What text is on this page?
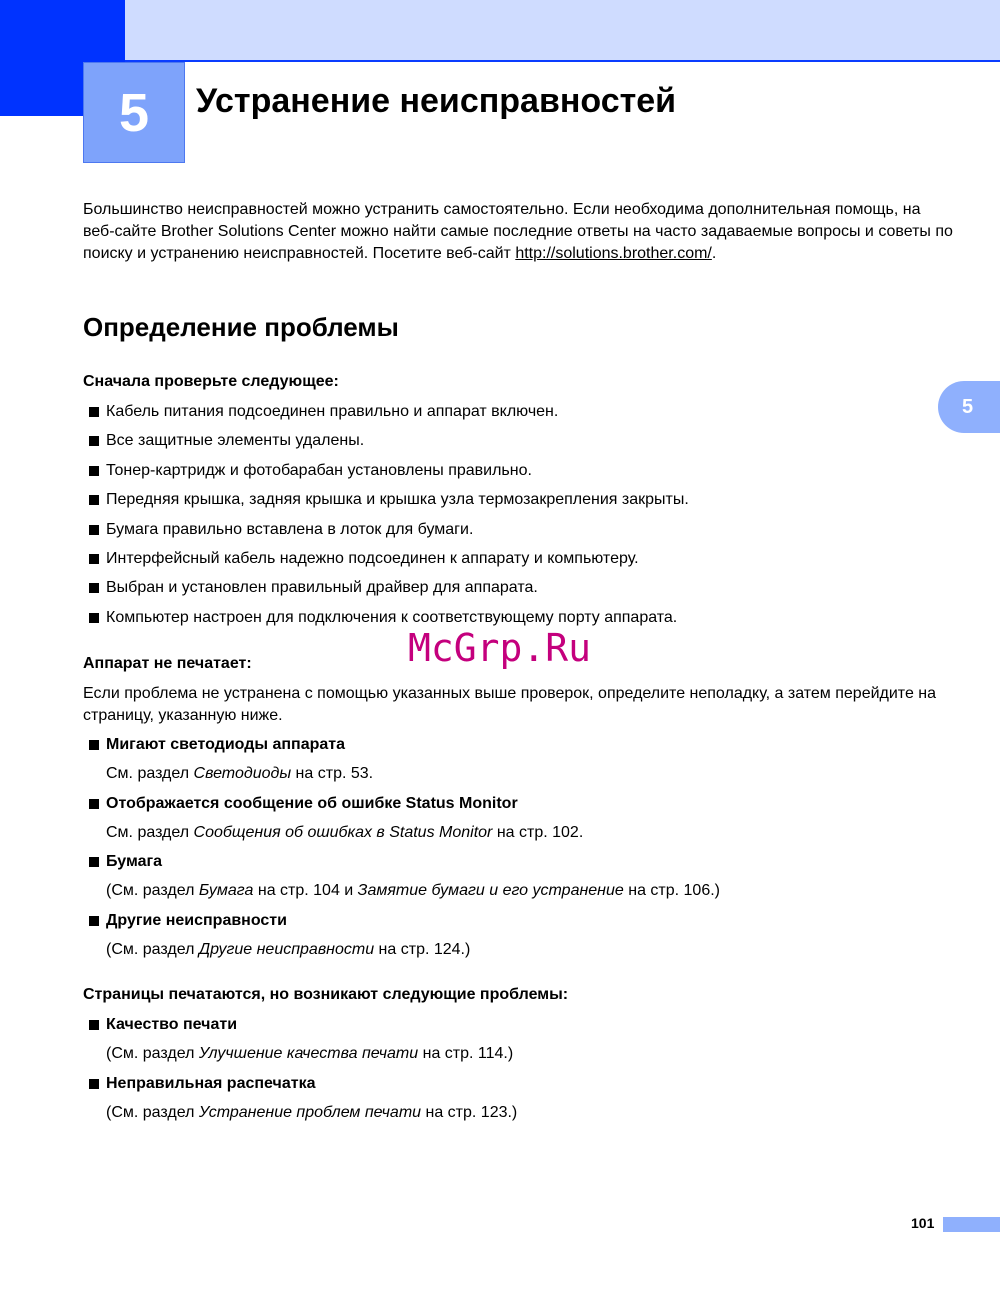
5	Устранение неисправностей
5

Большинство неисправностей можно устранить самостоятельно. Если необходима дополнительная помощь, на веб-сайте Brother Solutions Center можно найти самые последние ответы на часто задаваемые вопросы и советы по поиску и устранению неисправностей. Посетите веб-сайт http://solutions.brother.com/.

Определение проблемы

Сначала проверьте следующее:

Кабель питания подсоединен правильно и аппарат включен.
Все защитные элементы удалены.
Тонер-картридж и фотобарабан установлены правильно.
Передняя крышка, задняя крышка и крышка узла термозакрепления закрыты.
Бумага правильно вставлена в лоток для бумаги.
Интерфейсный кабель надежно подсоединен к аппарату и компьютеру.
Выбран и установлен правильный драйвер для аппарата.
Компьютер настроен для подключения к соответствующему порту аппарата.
McGrp.Ru

Аппарат не печатает:

Если проблема не устранена с помощью указанных выше проверок, определите неполадку, а затем перейдите на страницу, указанную ниже.

Мигают светодиоды аппарата
См. раздел Светодиоды на стр. 53.
Отображается сообщение об ошибке Status Monitor
См. раздел Сообщения об ошибках в Status Monitor на стр. 102.
Бумага
(См. раздел Бумага на стр. 104 и Замятие бумаги и его устранение на стр. 106.)
Другие неисправности
(См. раздел Другие неисправности на стр. 124.)

Страницы печатаются, но возникают следующие проблемы:

Качество печати
(См. раздел Улучшение качества печати на стр. 114.)
Неправильная распечатка
(См. раздел Устранение проблем печати на стр. 123.)
101
